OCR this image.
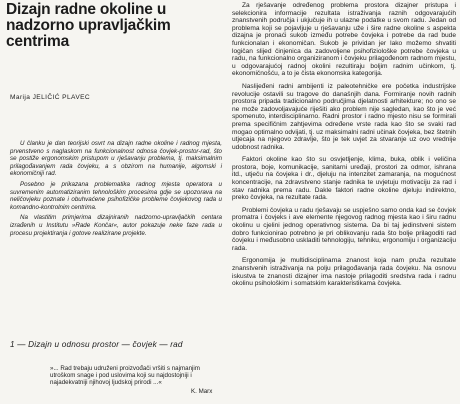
Dizajn radne okoline u nadzorno upravljačkim centrima
Marija JELIČIĆ PLAVEC

U članku je dan teorijski osvrt na dizajn radne okoline i radnog mjesta, prvenstveno s naglaskom na funkcionalnost odnosa čovjek-prostor-rad, što se postiže ergonomskim pristupom u rješavanju problema, tj. maksimalnim prilagođavanjem rada čovjeku, a s obzirom na humanije, algomski i ekonomičniji rad.

Posebno je prikazana problematika radnog mjesta operatora u suvremenim automatiziranim tehnološkim procesima gdje se upozorava na neličovjeku poznate i obuhvaćene psihofizičke probleme čovjekovog rada u komandno-kontrolnim centrima.

Na vlastitim primjerima dizajniranih nadzorno-upravljačkih centara izrađenih u Institutu »Rade Končar«, autor pokazuje neke faze rada u procesu projektiranja i gotove realizirane projekte.

1 — Dizajn u odnosu prostor — čovjek — rad

»... Rad trebaju udruženi proizvođači vršiti s najmanjim utroškom snage i pod uslovima koji su najdostojniji i najadekvatniji njihovoj ljudskoj prirodi ...«

K. Marx

Za rješavanje određenog problema prostora dizajner pristupa i selekcionira informacije rezultata istraživanja raznih odgovarajućih znanstvenih područja i ukjučuje ih u ulazne podatke u svom radu. Jedan od problema koji se pojavljuje u rješavanju uže i šire radne okoline s aspekta dizajna je pronaći sukob između potrebe čovjeka i potrebe da rad bude funkcionalan i ekonomičan. Sukob je prividan jer lako možemo shvatiti logičan slijed činjenica da zadovoljene psihofiziološke potrebe čovjeka u radu, na funkcionalno organiziranom i čovjeku prilagođenom radnom mjestu, u odgovarajućoj radnoj okolini rezultiraju boljim radnim učinkom, tj. ekonomičnošću, a to je čista ekonomska kategorija.

Naslijeđeni radni ambijenti iz paleotehničke ere početka industrijske revolucije ostavili su tragove do današnjih dana. Formiranje novih radnih prostora pripada tradicionalno područjima djelatnosti arhitekture; no ono se ne može zadovoljavajuće riješiti ako problem nije sagledan, kao što je već spomenuto, interdisciplinarno. Radni prostor i radno mjesto nisu se formirali prema specifičnim zahtjevima određene vrste rada kao što se svaki rad mogao optimalno odvijati, tj. uz maksimalni radni učinak čovjeka, bez štetnih utjecaja na njegovo zdravlje, što je tek uvjet za stvaranje uz ovo vrednije udobnost radnika.

Faktori okoline kao što su osvjetljenje, klima, buka, oblik i veličina prostora, boje, komunikacije, sanitarni uređaji, prostori za odmor, ishrana itd., utječu na čovjeka i dr., djeluju na intenzitet zamaranja, na mogućnost koncentracije, na zdravstveno stanje radnika te uvjetuju motivaciju za rad i stav radnika prema radu. Dakle faktori radne okoline djeluju indirektno, preko čovjeka, na rezultate rada.

Problemi čovjeka u radu rješavaju se uspješno samo onda kad se čovjek promatra i čovjeks i ave elemente njegovog radnog mjesta kao i širu radnu okolinu u cjelini jednog operativnog sistema. Da bi taj jedinstveni sistem dobro funkcionirao potrebno je pri oblikovanju rada što bolje prilagoditi rad čovjeku i međusobno uskladiti tehnologiju, tehniku, ergonomiju i organizaciju rada.

Ergonomija je multidisciplinarna znanost koja nam pruža rezultate znanstvenih istraživanja na polju prilagođavanja rada čovjeku. Na osnovu iskustva te znanosti dizajner ima nastoje prilagoditi sredstva rada i radnu okolinu psihološkim i somatskim karakteristikama čovjeka.
